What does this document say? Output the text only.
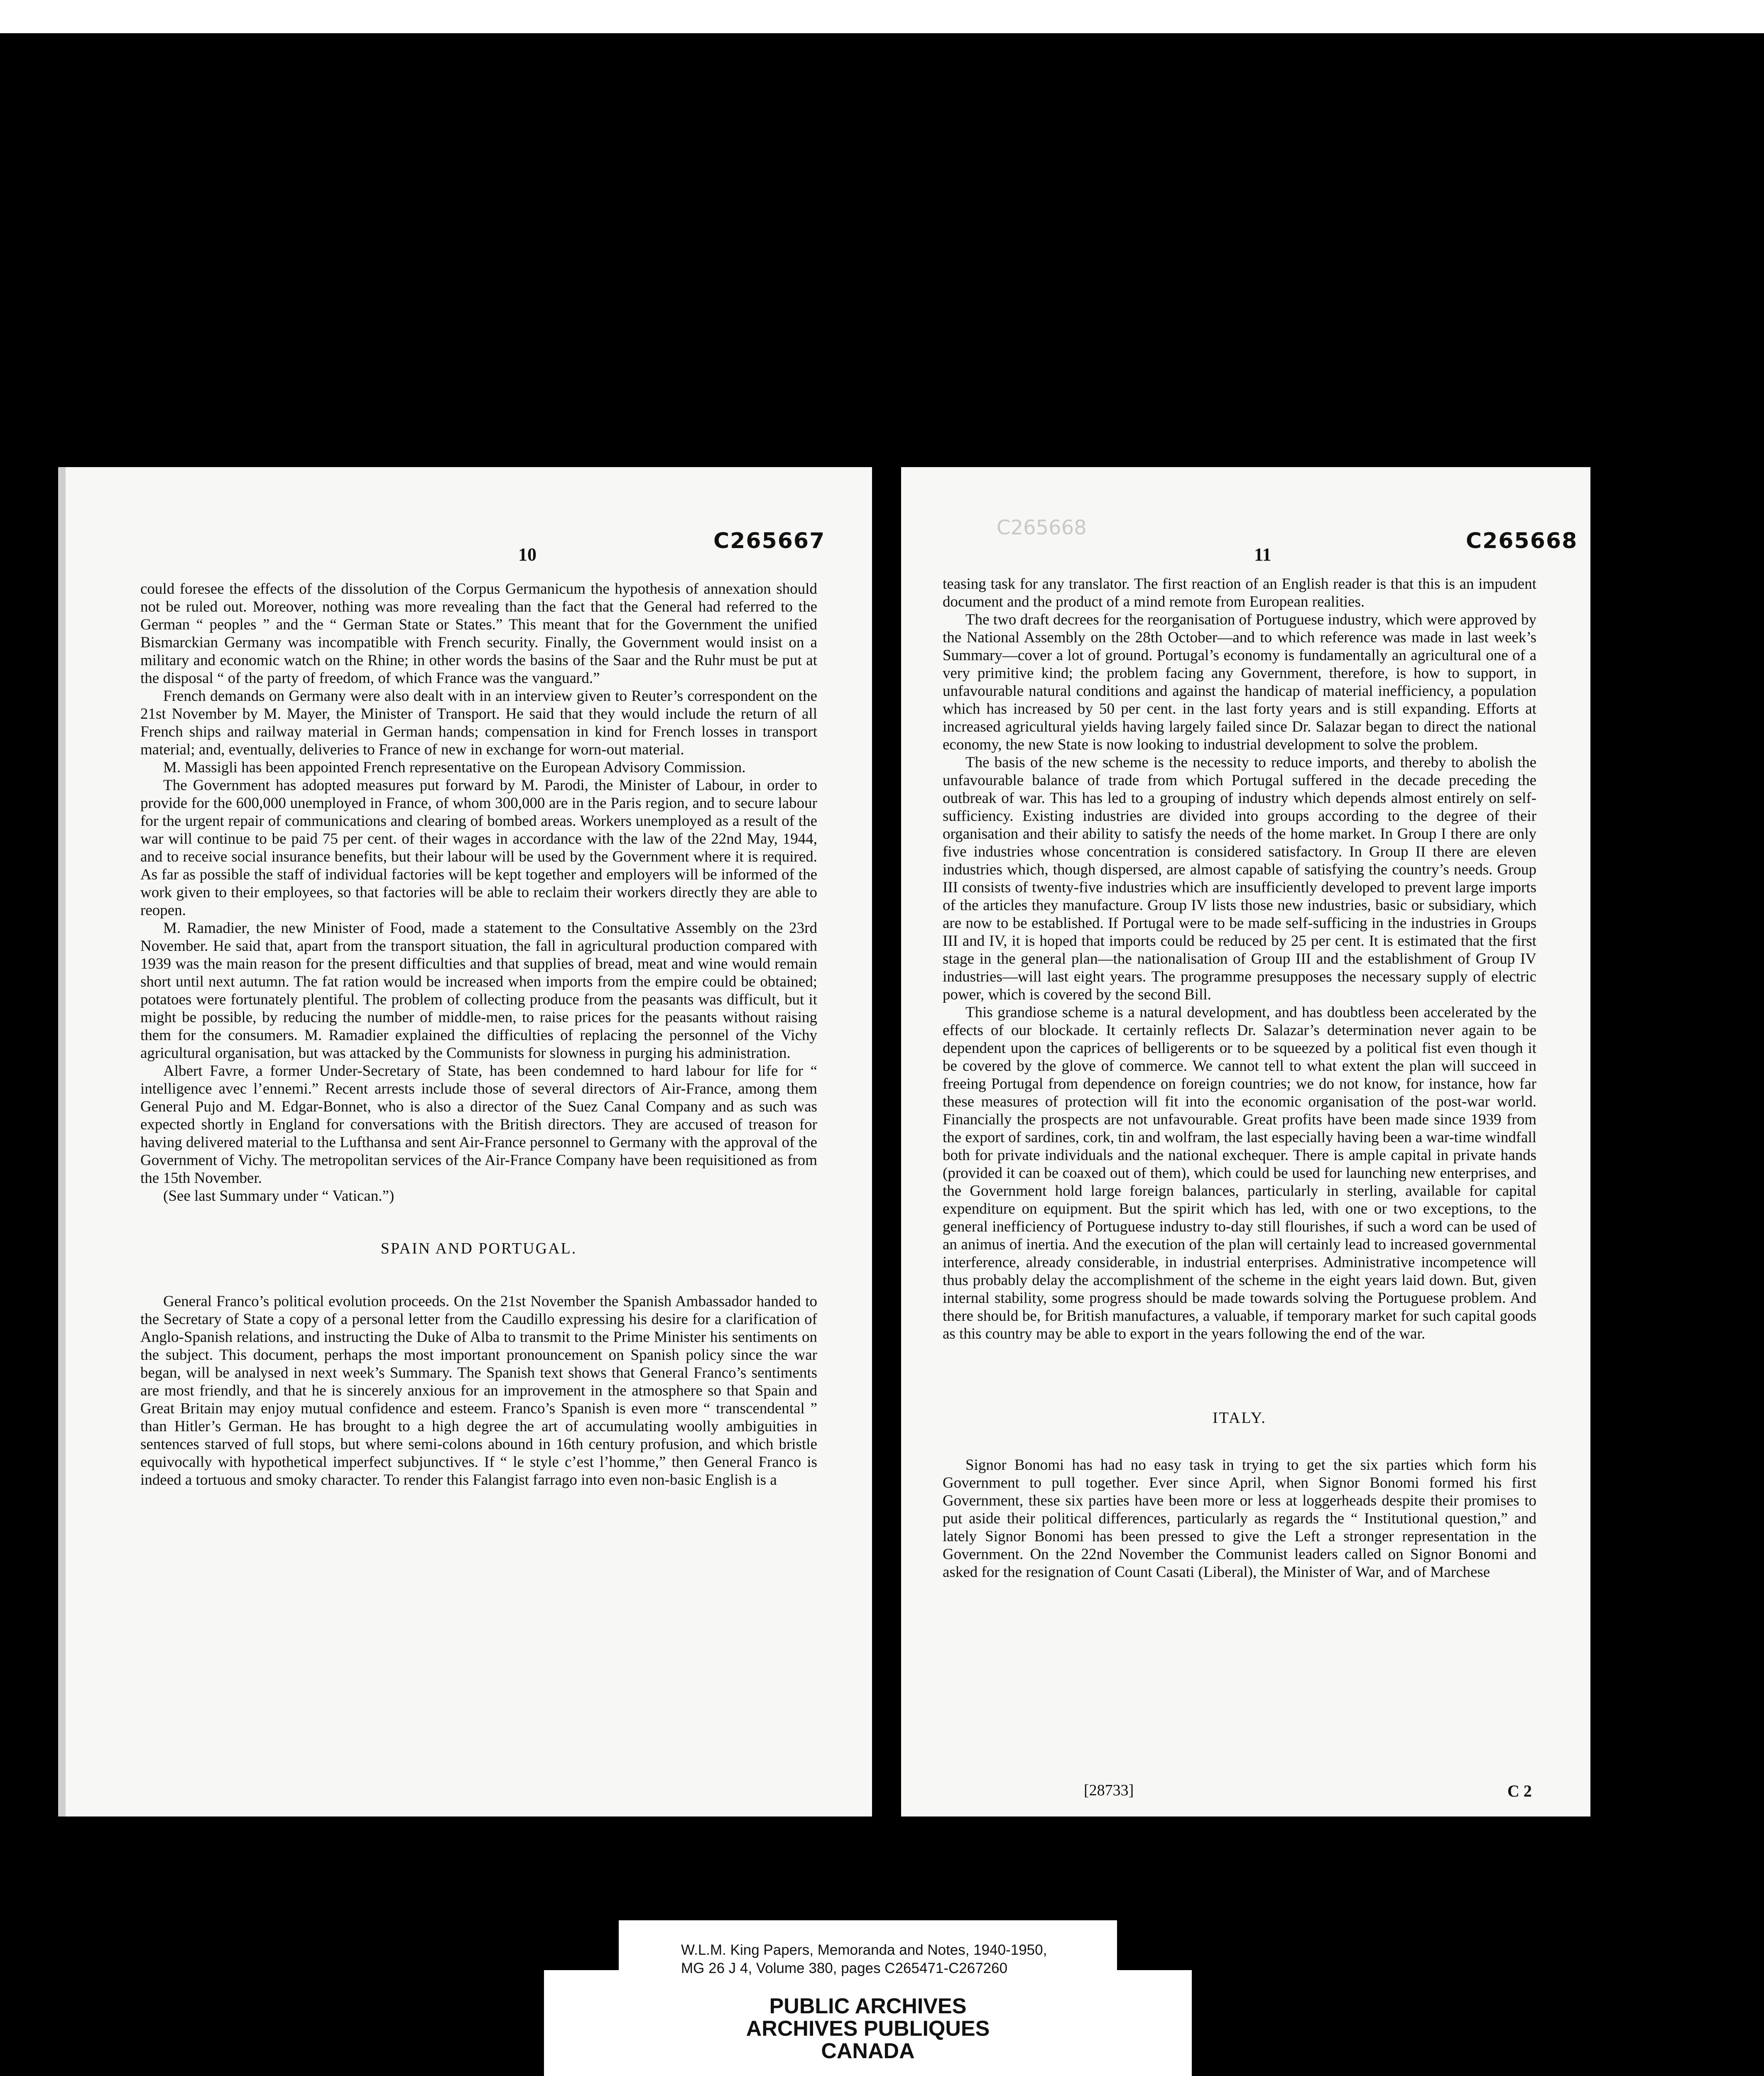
10
C265667

could foresee the effects of the dissolution of the Corpus Germanicum the hypothesis of annexation should not be ruled out. Moreover, nothing was more revealing than the fact that the General had referred to the German “ peoples ” and the “ German State or States.” This meant that for the Government the unified Bismarckian Germany was incompatible with French security. Finally, the Government would insist on a military and economic watch on the Rhine; in other words the basins of the Saar and the Ruhr must be put at the disposal “ of the party of freedom, of which France was the vanguard.”

French demands on Germany were also dealt with in an interview given to Reuter’s correspondent on the 21st November by M. Mayer, the Minister of Transport. He said that they would include the return of all French ships and railway material in German hands; compensation in kind for French losses in transport material; and, eventually, deliveries to France of new in exchange for worn-out material.

M. Massigli has been appointed French representative on the European Advisory Commission.

The Government has adopted measures put forward by M. Parodi, the Minister of Labour, in order to provide for the 600,000 unemployed in France, of whom 300,000 are in the Paris region, and to secure labour for the urgent repair of communications and clearing of bombed areas. Workers unemployed as a result of the war will continue to be paid 75 per cent. of their wages in accordance with the law of the 22nd May, 1944, and to receive social insurance benefits, but their labour will be used by the Government where it is required. As far as possible the staff of individual factories will be kept together and employers will be informed of the work given to their employees, so that factories will be able to reclaim their workers directly they are able to reopen.

M. Ramadier, the new Minister of Food, made a statement to the Consultative Assembly on the 23rd November. He said that, apart from the transport situation, the fall in agricultural production compared with 1939 was the main reason for the present difficulties and that supplies of bread, meat and wine would remain short until next autumn. The fat ration would be increased when imports from the empire could be obtained; potatoes were fortunately plentiful. The problem of collecting produce from the peasants was difficult, but it might be possible, by reducing the number of middle-men, to raise prices for the peasants without raising them for the consumers. M. Ramadier explained the difficulties of replacing the personnel of the Vichy agricultural organisation, but was attacked by the Communists for slowness in purging his administration.

Albert Favre, a former Under-Secretary of State, has been condemned to hard labour for life for “ intelligence avec l’ennemi.” Recent arrests include those of several directors of Air-France, among them General Pujo and M. Edgar-Bonnet, who is also a director of the Suez Canal Company and as such was expected shortly in England for conversations with the British directors. They are accused of treason for having delivered material to the Lufthansa and sent Air-France personnel to Germany with the approval of the Government of Vichy. The metropolitan services of the Air-France Company have been requisitioned as from the 15th November.

(See last Summary under “ Vatican.”)

SPAIN AND PORTUGAL.

General Franco’s political evolution proceeds. On the 21st November the Spanish Ambassador handed to the Secretary of State a copy of a personal letter from the Caudillo expressing his desire for a clarification of Anglo-Spanish relations, and instructing the Duke of Alba to transmit to the Prime Minister his sentiments on the subject. This document, perhaps the most important pronouncement on Spanish policy since the war began, will be analysed in next week’s Summary. The Spanish text shows that General Franco’s sentiments are most friendly, and that he is sincerely anxious for an improvement in the atmosphere so that Spain and Great Britain may enjoy mutual confidence and esteem. Franco’s Spanish is even more “ transcendental ” than Hitler’s German. He has brought to a high degree the art of accumulating woolly ambiguities in sentences starved of full stops, but where semi-colons abound in 16th century profusion, and which bristle equivocally with hypothetical imperfect subjunctives. If “ le style c’est l’homme,” then General Franco is indeed a tortuous and smoky character. To render this Falangist farrago into even non-basic English is a

C265668
11
C265668

teasing task for any translator. The first reaction of an English reader is that this is an impudent document and the product of a mind remote from European realities.

The two draft decrees for the reorganisation of Portuguese industry, which were approved by the National Assembly on the 28th October—and to which reference was made in last week’s Summary—cover a lot of ground. Portugal’s economy is fundamentally an agricultural one of a very primitive kind; the problem facing any Government, therefore, is how to support, in unfavourable natural conditions and against the handicap of material inefficiency, a population which has increased by 50 per cent. in the last forty years and is still expanding. Efforts at increased agricultural yields having largely failed since Dr. Salazar began to direct the national economy, the new State is now looking to industrial development to solve the problem.

The basis of the new scheme is the necessity to reduce imports, and thereby to abolish the unfavourable balance of trade from which Portugal suffered in the decade preceding the outbreak of war. This has led to a grouping of industry which depends almost entirely on self-sufficiency. Existing industries are divided into groups according to the degree of their organisation and their ability to satisfy the needs of the home market. In Group I there are only five industries whose concentration is considered satisfactory. In Group II there are eleven industries which, though dispersed, are almost capable of satisfying the country’s needs. Group III consists of twenty-five industries which are insufficiently developed to prevent large imports of the articles they manufacture. Group IV lists those new industries, basic or subsidiary, which are now to be established. If Portugal were to be made self-sufficing in the industries in Groups III and IV, it is hoped that imports could be reduced by 25 per cent. It is estimated that the first stage in the general plan—the nationalisation of Group III and the establishment of Group IV industries—will last eight years. The programme presupposes the necessary supply of electric power, which is covered by the second Bill.

This grandiose scheme is a natural development, and has doubtless been accelerated by the effects of our blockade. It certainly reflects Dr. Salazar’s determination never again to be dependent upon the caprices of belligerents or to be squeezed by a political fist even though it be covered by the glove of commerce. We cannot tell to what extent the plan will succeed in freeing Portugal from dependence on foreign countries; we do not know, for instance, how far these measures of protection will fit into the economic organisation of the post-war world. Financially the prospects are not unfavourable. Great profits have been made since 1939 from the export of sardines, cork, tin and wolfram, the last especially having been a war-time windfall both for private individuals and the national exchequer. There is ample capital in private hands (provided it can be coaxed out of them), which could be used for launching new enterprises, and the Government hold large foreign balances, particularly in sterling, available for capital expenditure on equipment. But the spirit which has led, with one or two exceptions, to the general inefficiency of Portuguese industry to-day still flourishes, if such a word can be used of an animus of inertia. And the execution of the plan will certainly lead to increased governmental interference, already considerable, in industrial enterprises. Administrative incompetence will thus probably delay the accomplishment of the scheme in the eight years laid down. But, given internal stability, some progress should be made towards solving the Portuguese problem. And there should be, for British manufactures, a valuable, if temporary market for such capital goods as this country may be able to export in the years following the end of the war.

ITALY.

Signor Bonomi has had no easy task in trying to get the six parties which form his Government to pull together. Ever since April, when Signor Bonomi formed his first Government, these six parties have been more or less at loggerheads despite their promises to put aside their political differences, particularly as regards the “ Institutional question,” and lately Signor Bonomi has been pressed to give the Left a stronger representation in the Government. On the 22nd November the Communist leaders called on Signor Bonomi and asked for the resignation of Count Casati (Liberal), the Minister of War, and of Marchese

[28733]	C 2
W.L.M. King Papers, Memoranda and Notes, 1940-1950,
MG 26 J 4, Volume 380, pages C265471-C267260
PUBLIC ARCHIVES
ARCHIVES PUBLIQUES
CANADA
